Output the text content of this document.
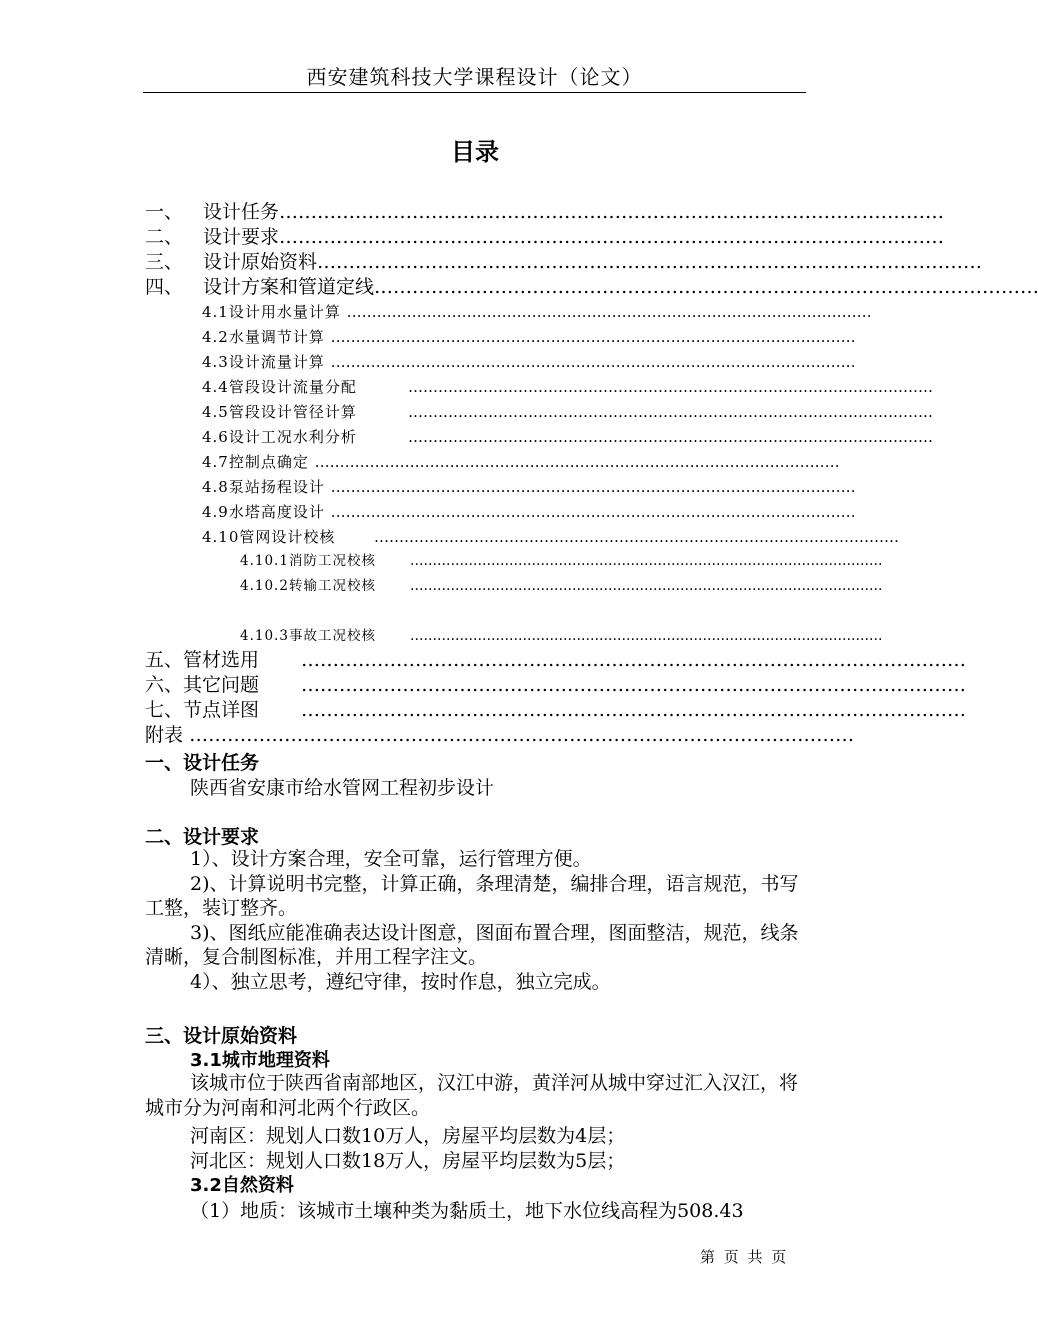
西安建筑科技大学课程设计（论文）
目录
一、 设计任务……………………………………………………………………………………………
二、 设计要求……………………………………………………………………………………………
三、 设计原始资料……………………………………………………………………………………………
四、 设计方案和管道定线……………………………………………………………………………………………
4.1设计用水量计算 ……………………………………………………………………………………………
4.2水量调节计算 ……………………………………………………………………………………………
4.3设计流量计算 ……………………………………………………………………………………………
4.4管段设计流量分配	……………………………………………………………………………………………
4.5管段设计管径计算	……………………………………………………………………………………………
4.6设计工况水利分析	……………………………………………………………………………………………
4.7控制点确定 ……………………………………………………………………………………………
4.8泵站扬程设计 ……………………………………………………………………………………………
4.9水塔高度设计 ……………………………………………………………………………………………
4.10管网设计校核	……………………………………………………………………………………………
4.10.1消防工况校核	……………………………………………………………………………………………
4.10.2转输工况校核	……………………………………………………………………………………………
4.10.3事故工况校核	……………………………………………………………………………………………
五、管材选用 ……………………………………………………………………………………………
六、其它问题 ……………………………………………………………………………………………
七、节点详图 ……………………………………………………………………………………………
附表 ……………………………………………………………………………………………
一、设计任务
陕西省安康市给水管网工程初步设计
二、设计要求
1）、设计方案合理，安全可靠，运行管理方便。
2)、计算说明书完整，计算正确，条理清楚，编排合理，语言规范，书写工整，装订整齐。
3)、图纸应能准确表达设计图意，图面布置合理，图面整洁，规范，线条清晰，复合制图标准，并用工程字注文。
4）、独立思考，遵纪守律，按时作息，独立完成。
三、设计原始资料
3.1城市地理资料
该城市位于陕西省南部地区，汉江中游，黄洋河从城中穿过汇入汉江，将城市分为河南和河北两个行政区。
河南区：规划人口数10万人，房屋平均层数为4层；
河北区：规划人口数18万人，房屋平均层数为5层；
3.2自然资料
（1）地质：该城市土壤种类为黏质土，地下水位线高程为508.43
第 页 共 页
